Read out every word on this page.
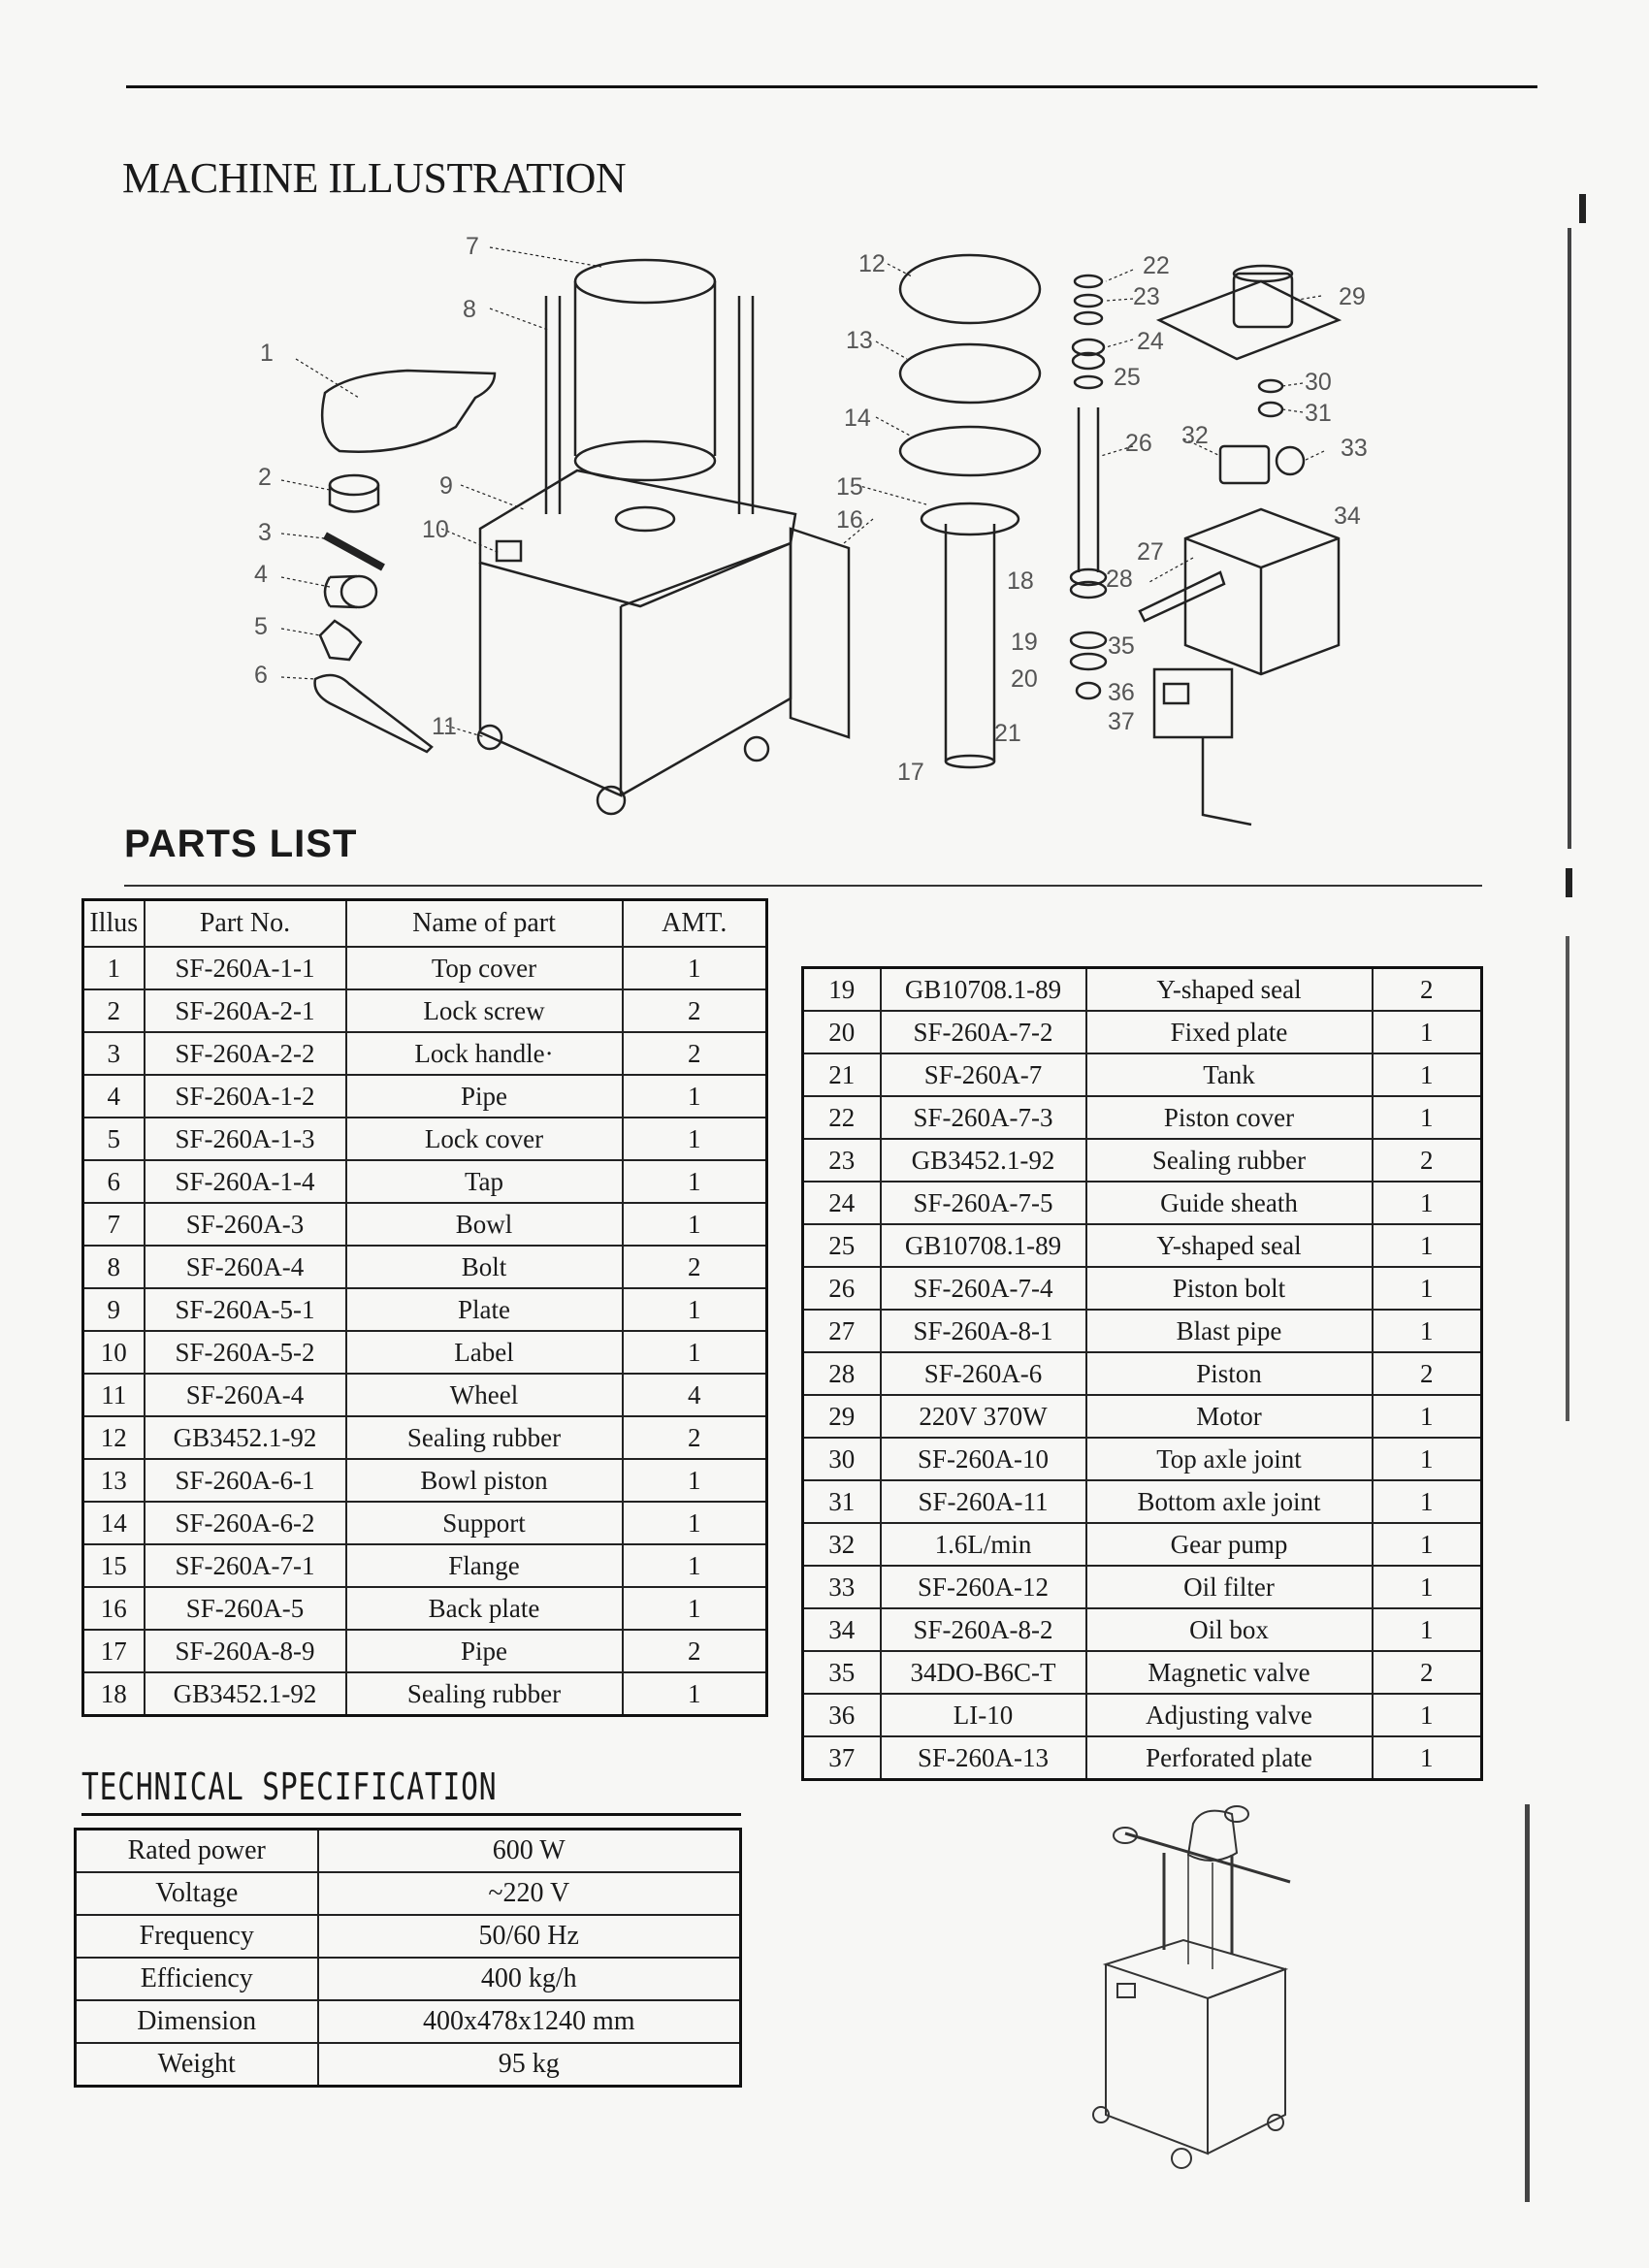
MACHINE ILLUSTRATION
PARTS LIST
1
2
3
4
5
6
7
8
9
10
11
12
13
14
15
16
17
18
19
20
21
22
23
24
25
26
27
28
29
30
31
32	33
34
35
36
37
Illus	Part No.	Name of part	AMT.
1	SF-260A-1-1	Top cover	1
2	SF-260A-2-1	Lock screw	2
3	SF-260A-2-2	Lock handle·	2
4	SF-260A-1-2	Pipe	1
5	SF-260A-1-3	Lock cover	1
6	SF-260A-1-4	Tap	1
7	SF-260A-3	Bowl	1
8	SF-260A-4	Bolt	2
9	SF-260A-5-1	Plate	1
10	SF-260A-5-2	Label	1
11	SF-260A-4	Wheel	4
12	GB3452.1-92	Sealing rubber	2
13	SF-260A-6-1	Bowl piston	1
14	SF-260A-6-2	Support	1
15	SF-260A-7-1	Flange	1
16	SF-260A-5	Back plate	1
17	SF-260A-8-9	Pipe	2
18	GB3452.1-92	Sealing rubber	1
19	GB10708.1-89	Y-shaped seal	2
20	SF-260A-7-2	Fixed plate	1
21	SF-260A-7	Tank	1
22	SF-260A-7-3	Piston cover	1
23	GB3452.1-92	Sealing rubber	2
24	SF-260A-7-5	Guide sheath	1
25	GB10708.1-89	Y-shaped seal	1
26	SF-260A-7-4	Piston bolt	1
27	SF-260A-8-1	Blast pipe	1
28	SF-260A-6	Piston	2
29	220V 370W	Motor	1
30	SF-260A-10	Top axle joint	1
31	SF-260A-11	Bottom axle joint	1
32	1.6L/min	Gear pump	1
33	SF-260A-12	Oil filter	1
34	SF-260A-8-2	Oil box	1
35	34DO-B6C-T	Magnetic valve	2
36	LI-10	Adjusting valve	1
37	SF-260A-13	Perforated plate	1
TECHNICAL SPECIFICATION
Rated power	600 W
Voltage	~220 V
Frequency	50/60 Hz
Efficiency	400 kg/h
Dimension	400x478x1240 mm
Weight	95 kg
